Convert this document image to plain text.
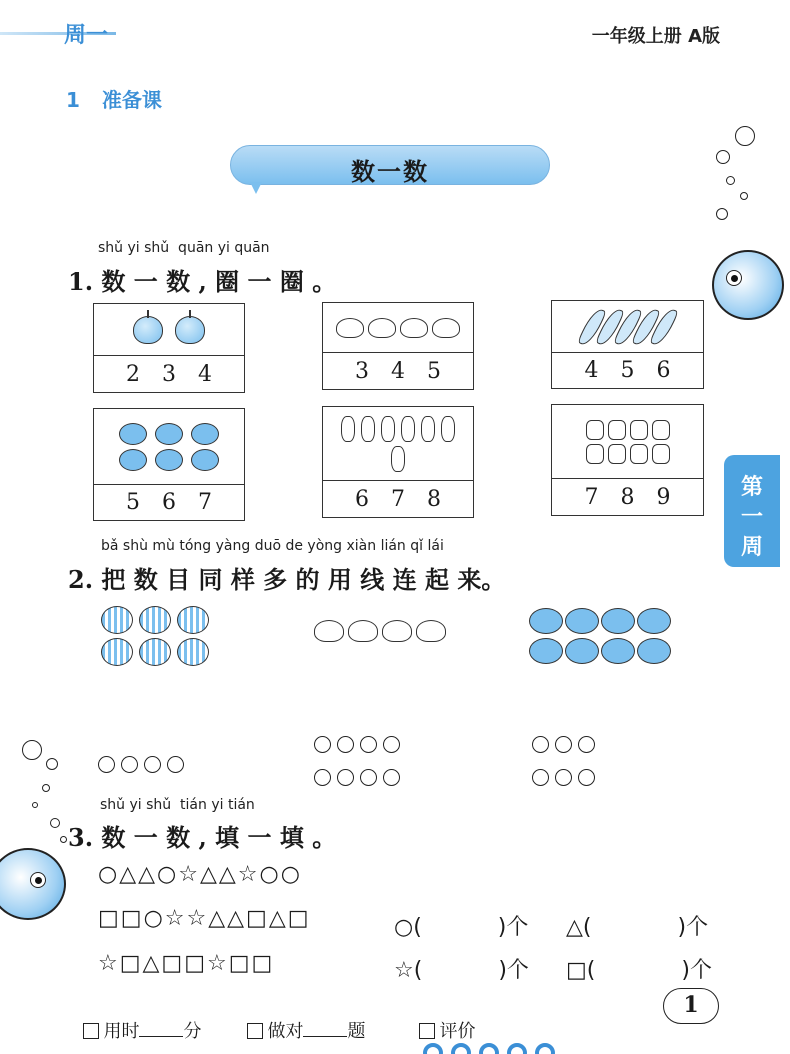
周一	一年级上册 A版
1 准备课
数一数
第
一
周
shǔ yi shǔ  quān yi quān
1. 数 一 数 , 圈 一 圈 。
2 3 4	3 4 5	4 5 6
5 6 7	6 7 8	7 8 9
bǎ shù mù tóng yàng duō de yòng xiàn lián qǐ lái
2. 把 数 目 同 样 多 的 用 线 连 起 来。
shǔ yi shǔ  tián yi tián
3. 数 一 数 , 填 一 填 。
○△△○☆△△☆○○
□□○☆☆△△□△□
☆□△□□☆□□

○(	)个	△(	)个

☆(	)个	□(	)个

用时 分	做对 题	评价

1
